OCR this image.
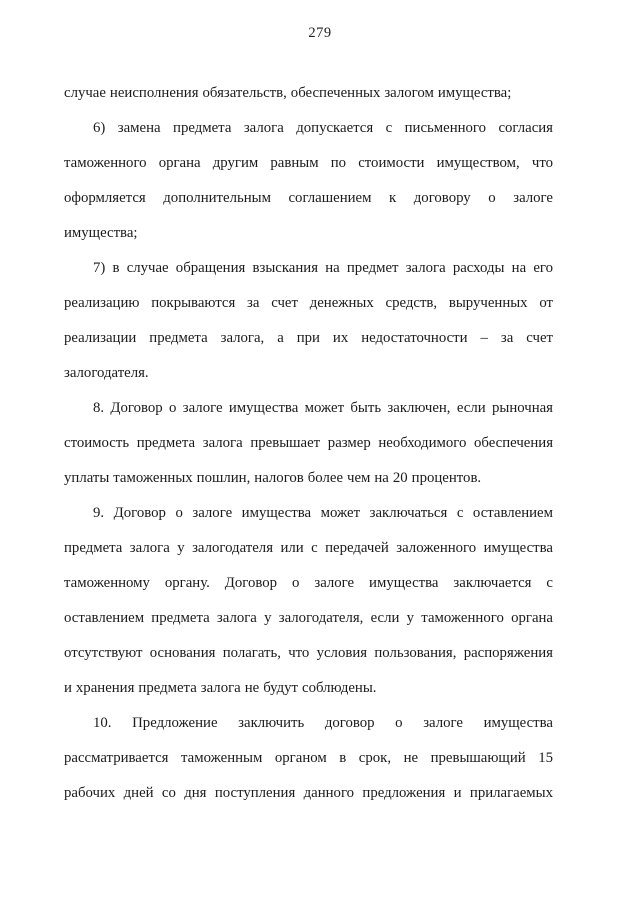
279
случае неисполнения обязательств, обеспеченных залогом имущества;
6) замена предмета залога допускается с письменного согласия
таможенного органа другим равным по стоимости имуществом, что
оформляется дополнительным соглашением к договору о залоге
имущества;
7) в случае обращения взыскания на предмет залога расходы на его
реализацию покрываются за счет денежных средств, вырученных от
реализации предмета залога, а при их недостаточности – за счет
залогодателя.
8. Договор о залоге имущества может быть заключен, если рыночная
стоимость предмета залога превышает размер необходимого обеспечения
уплаты таможенных пошлин, налогов более чем на 20 процентов.
9. Договор о залоге имущества может заключаться с оставлением
предмета залога у залогодателя или с передачей заложенного имущества
таможенному органу. Договор о залоге имущества заключается с
оставлением предмета залога у залогодателя, если у таможенного органа
отсутствуют основания полагать, что условия пользования, распоряжения
и хранения предмета залога не будут соблюдены.
10. Предложение заключить договор о залоге имущества
рассматривается таможенным органом в срок, не превышающий 15
рабочих дней со дня поступления данного предложения и прилагаемых
